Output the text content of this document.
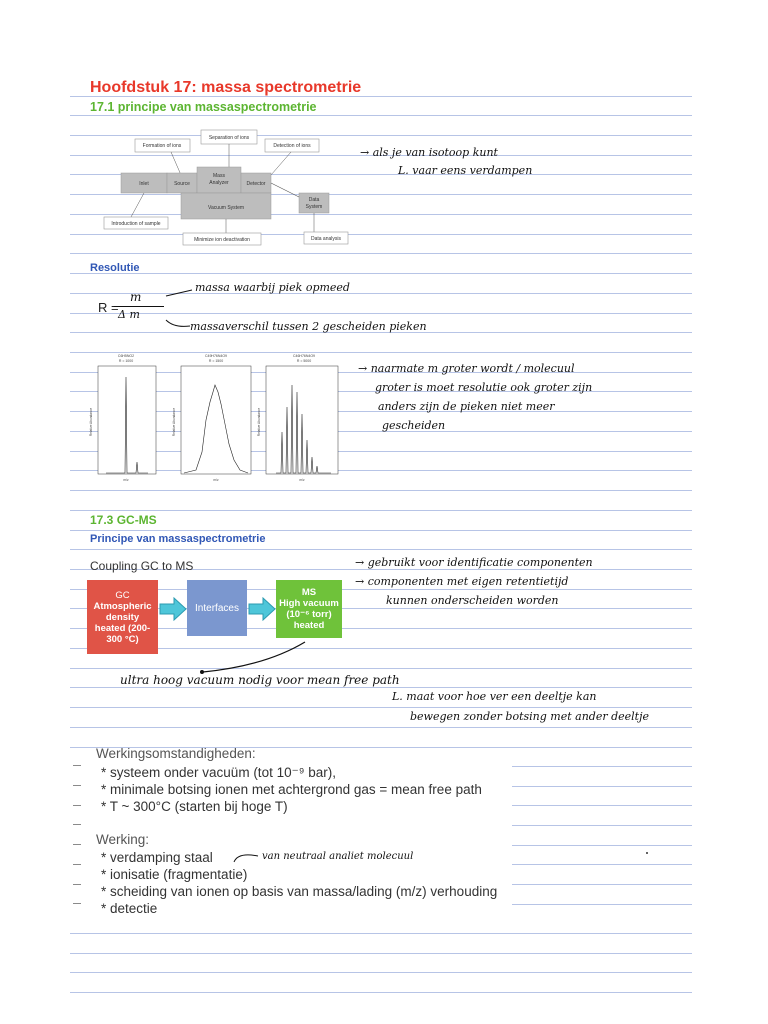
Hoofdstuk 17: massa spectrometrie
17.1 principe van massaspectrometrie
Separation of ions
Formation of ions	Detection of ions
Inlet	Source
Mass
Analyzer	Detector
Vacuum System
Data
System
Introduction of sample
Minimize ion deactivation	Data analysis
→ als je van isotoop kunt
L. vaar eens verdampen
Resolutie
R =
m
Δ m
massa waarbij piek opmeed
massaverschil tussen 2 gescheiden pieken
C6H5NO2
R = 1000
C49H76N4O9
R = 1500
C46H76N4O9
R = 5000
m/z	m/z	m/z
Relative Abundance	Relative Abundance	Relative Abundance
→ naarmate m groter wordt / molecuul
groter is moet resolutie ook groter zijn
anders zijn de pieken niet meer
gescheiden
17.3 GC-MS
Principe van massaspectrometrie
Coupling GC to MS
GC
Atmospheric
density
heated (200-
300 °C)
Interfaces
MS
High vacuum
(10⁻⁶ torr)
heated
→ gebruikt voor identificatie componenten
→ componenten met eigen retentietijd
kunnen onderscheiden worden
ultra hoog vacuum nodig voor mean free path
L. maat voor hoe ver een deeltje kan
bewegen zonder botsing met ander deeltje
Werkingsomstandigheden:
* systeem onder vacuüm (tot 10⁻⁹ bar),
* minimale botsing ionen met achtergrond gas = mean free path
* T ~ 300°C (starten bij hoge T)
Werking:
* verdamping staal
* ionisatie (fragmentatie)
* scheiding van ionen op basis van massa/lading (m/z) verhouding
* detectie
van neutraal analiet molecuul
